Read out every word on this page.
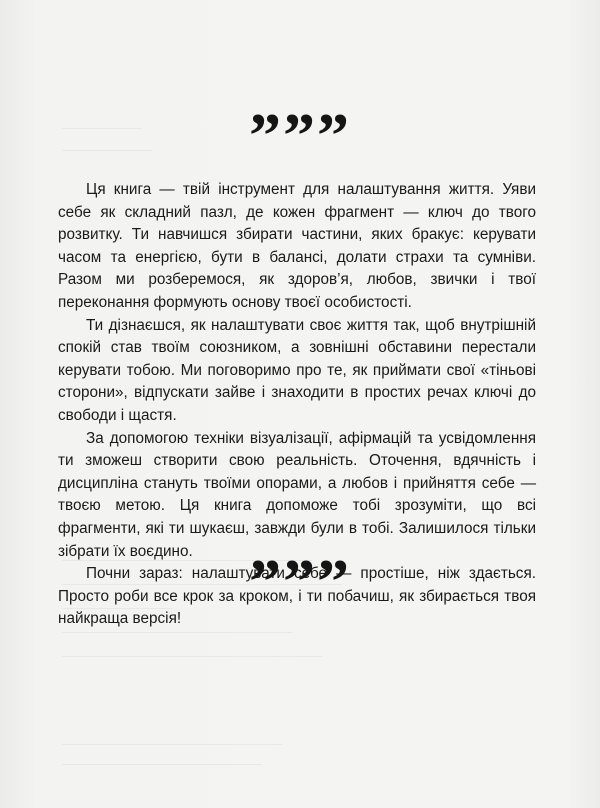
”””

Ця книга — твій інструмент для налаштування життя. Уяви себе як складний пазл, де кожен фрагмент — ключ до твого розвитку. Ти навчишся збирати частини, яких бракує: керувати часом та енергією, бути в балансі, долати страхи та сумніви. Разом ми розберемося, як здоров’я, любов, звички і твої переконання формують основу твоєї особистості.

Ти дізнаєшся, як налаштувати своє життя так, щоб внутрішній спокій став твоїм союзником, а зовнішні обставини перестали керувати тобою. Ми поговоримо про те, як приймати свої «тіньові сторони», відпускати зайве і знаходити в простих речах ключі до свободи і щастя.

За допомогою техніки візуалізації, афірмацій та усвідомлення ти зможеш створити свою реальність. Оточення, вдячність і дисципліна стануть твоїми опорами, а любов і прийняття себе — твоєю метою. Ця книга допоможе тобі зрозуміти, що всі фрагменти, які ти шукаєш, завжди були в тобі. Залишилося тільки зібрати їх воєдино.

Почни зараз: налаштувати себе — простіше, ніж здається. Просто роби все крок за кроком, і ти побачиш, як збирається твоя найкраща версія!

”””
